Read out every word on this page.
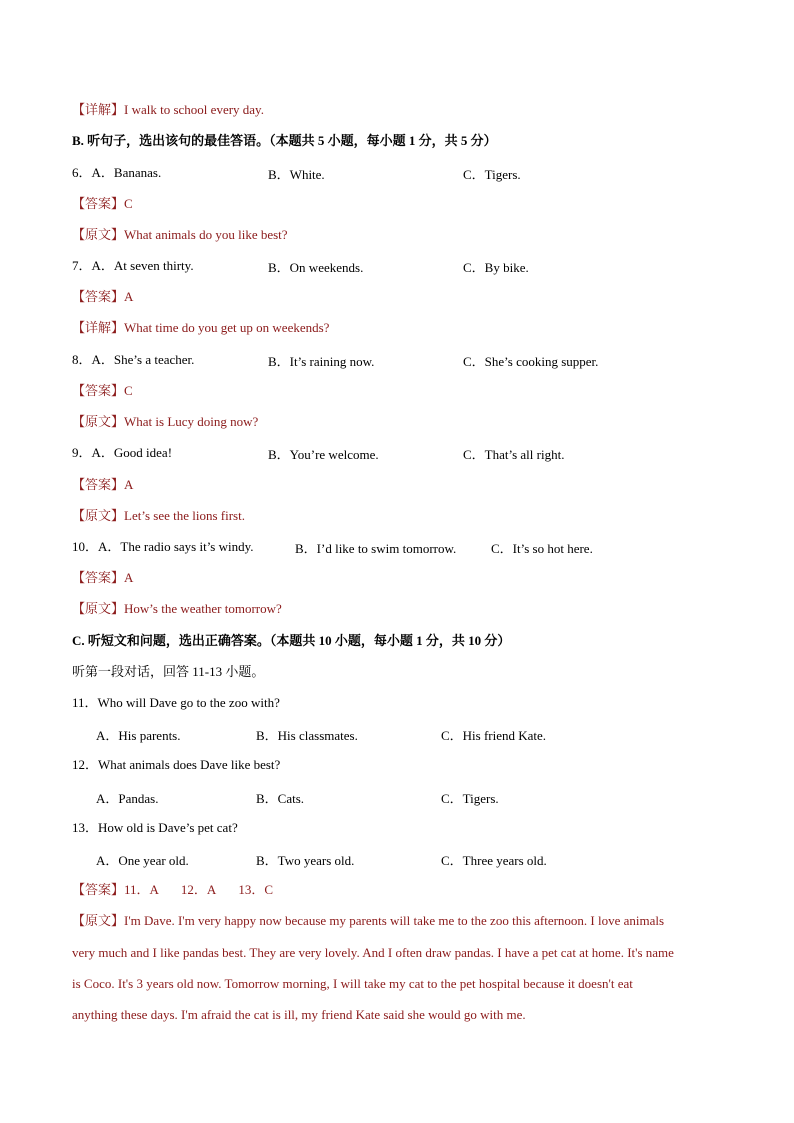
【详解】I walk to school every day.
B. 听句子，选出该句的最佳答语。（本题共 5 小题，每小题 1 分，共 5 分）
6．A．Bananas.	B．White.	C．Tigers.
【答案】C
【原文】What animals do you like best?
7．A．At seven thirty.	B．On weekends.	C．By bike.
【答案】A
【详解】What time do you get up on weekends?
8．A．She’s a teacher.	B．It’s raining now.	C．She’s cooking supper.
【答案】C
【原文】What is Lucy doing now?
9．A．Good idea!	B．You’re welcome.	C．That’s all right.
【答案】A
【原文】Let’s see the lions first.
10．A．The radio says it’s windy.	B．I’d like to swim tomorrow.	C．It’s so hot here.
【答案】A
【原文】How’s the weather tomorrow?
C. 听短文和问题，选出正确答案。（本题共 10 小题，每小题 1 分，共 10 分）
听第一段对话，回答 11-13 小题。
11．Who will Dave go to the zoo with?
A．His parents.	B．His classmates.	C．His friend Kate.
12．What animals does Dave like best?
A．Pandas.	B．Cats.	C．Tigers.
13．How old is Dave’s pet cat?
A．One year old.	B．Two years old.	C．Three years old.
【答案】11．A 12．A 13．C
【原文】I'm Dave. I'm very happy now because my parents will take me to the zoo this afternoon. I love animals
very much and I like pandas best. They are very lovely. And I often draw pandas. I have a pet cat at home. It's name
is Coco. It's 3 years old now. Tomorrow morning, I will take my cat to the pet hospital because it doesn't eat
anything these days. I'm afraid the cat is ill, my friend Kate said she would go with me.
